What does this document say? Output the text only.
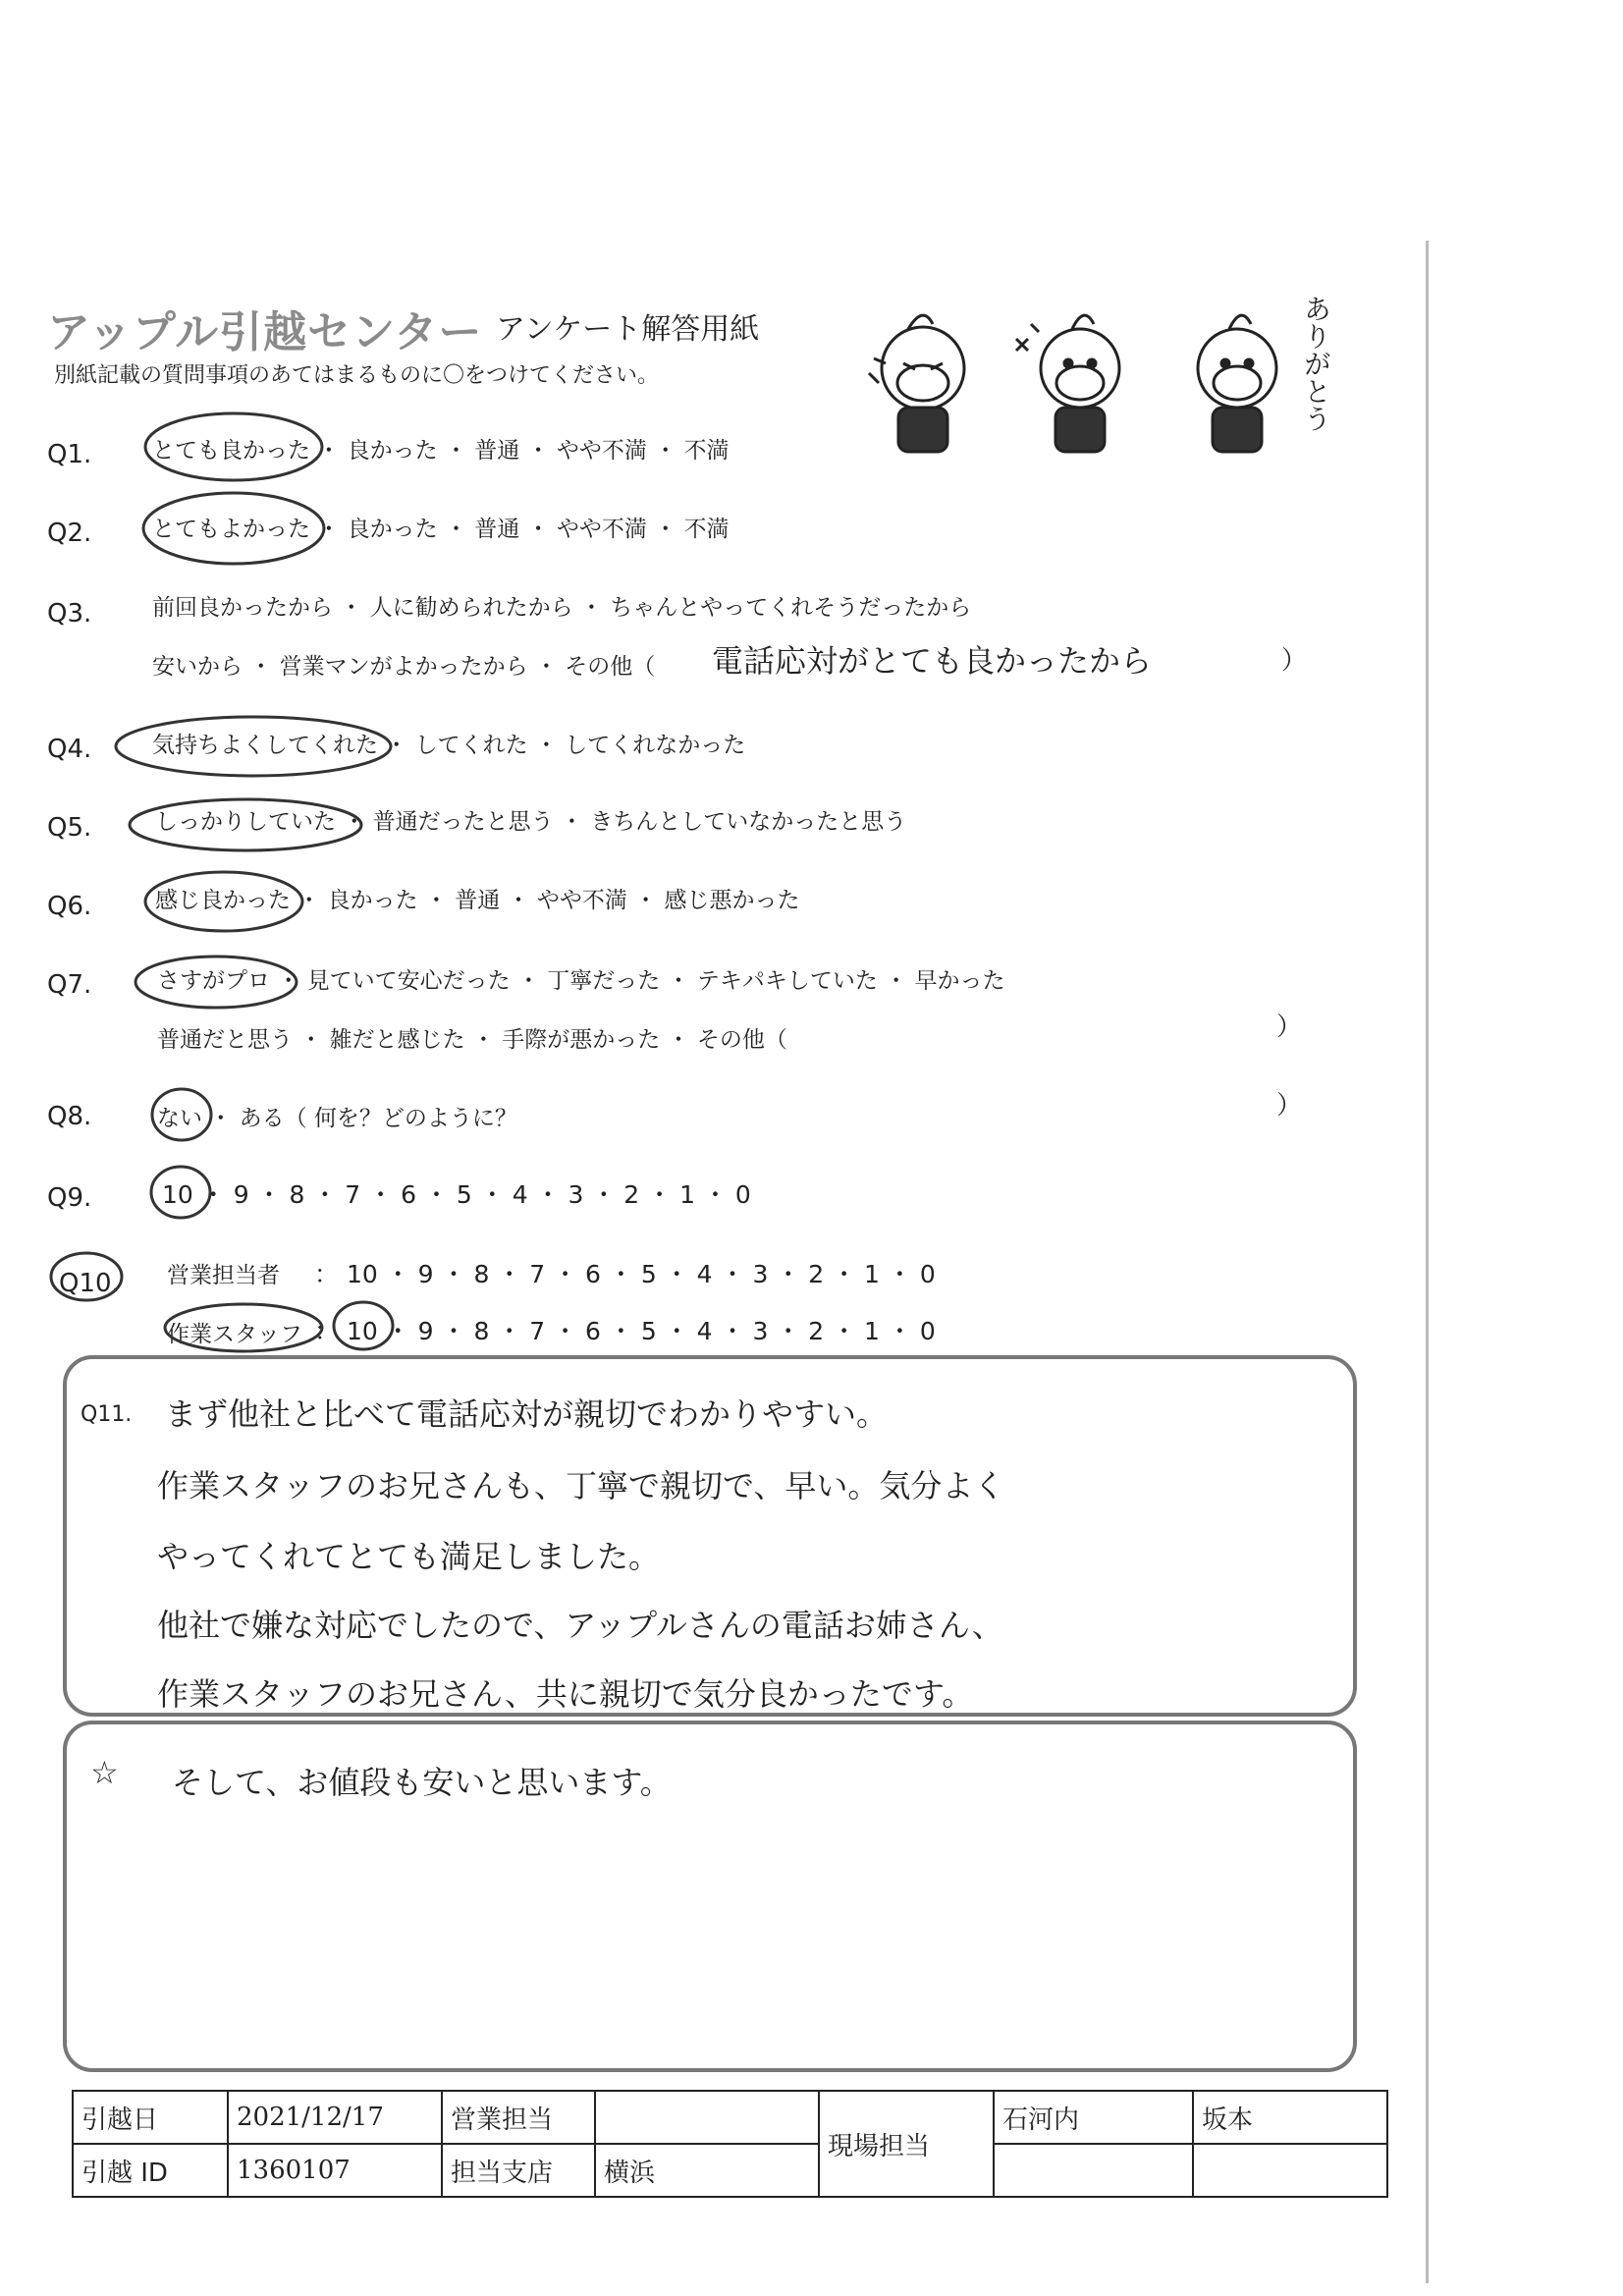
アップル引越センター アンケート解答用紙
別紙記載の質問事項のあてはまるものに〇をつけてください。	ありがとう
Q1.	とても良かった ・ 良かった ・ 普通 ・ やや不満 ・ 不満
Q2.	とてもよかった ・ 良かった ・ 普通 ・ やや不満 ・ 不満
Q3.	前回良かったから ・ 人に勧められたから ・ ちゃんとやってくれそうだったから
安いから ・ 営業マンがよかったから ・ その他（ 電話応対がとても良かったから	）
Q4.	気持ちよくしてくれた ・ してくれた ・ してくれなかった
Q5.	しっかりしていた ・ 普通だったと思う ・ きちんとしていなかったと思う
Q6.	感じ良かった ・ 良かった ・ 普通 ・ やや不満 ・ 感じ悪かった
Q7.	さすがプロ ・ 見ていて安心だった ・ 丁寧だった ・ テキパキしていた ・ 早かった
普通だと思う ・ 雑だと感じた ・ 手際が悪かった ・ その他（	）
Q8.	ない ・ ある（ 何を？どのように？	）
Q9.	10 ・ 9 ・ 8 ・ 7 ・ 6 ・ 5 ・ 4 ・ 3 ・ 2 ・ 1 ・ 0
Q10. 営業担当者 ： 10 ・ 9 ・ 8 ・ 7 ・ 6 ・ 5 ・ 4 ・ 3 ・ 2 ・ 1 ・ 0
作業スタッフ ： 10 ・ 9 ・ 8 ・ 7 ・ 6 ・ 5 ・ 4 ・ 3 ・ 2 ・ 1 ・ 0
Q11. まず他社と比べて電話応対が親切でわかりやすい。
作業スタッフのお兄さんも、丁寧で親切で、早い。気分よく
やってくれてとても満足しました。
他社で嫌な対応でしたので、アップルさんの電話お姉さん、
作業スタッフのお兄さん、共に親切で気分良かったです。
☆ そして、お値段も安いと思います。
引越日	2021/12/17	営業担当		現場担当	石河内	坂本
引越 ID	1360107	担当支店	横浜			
